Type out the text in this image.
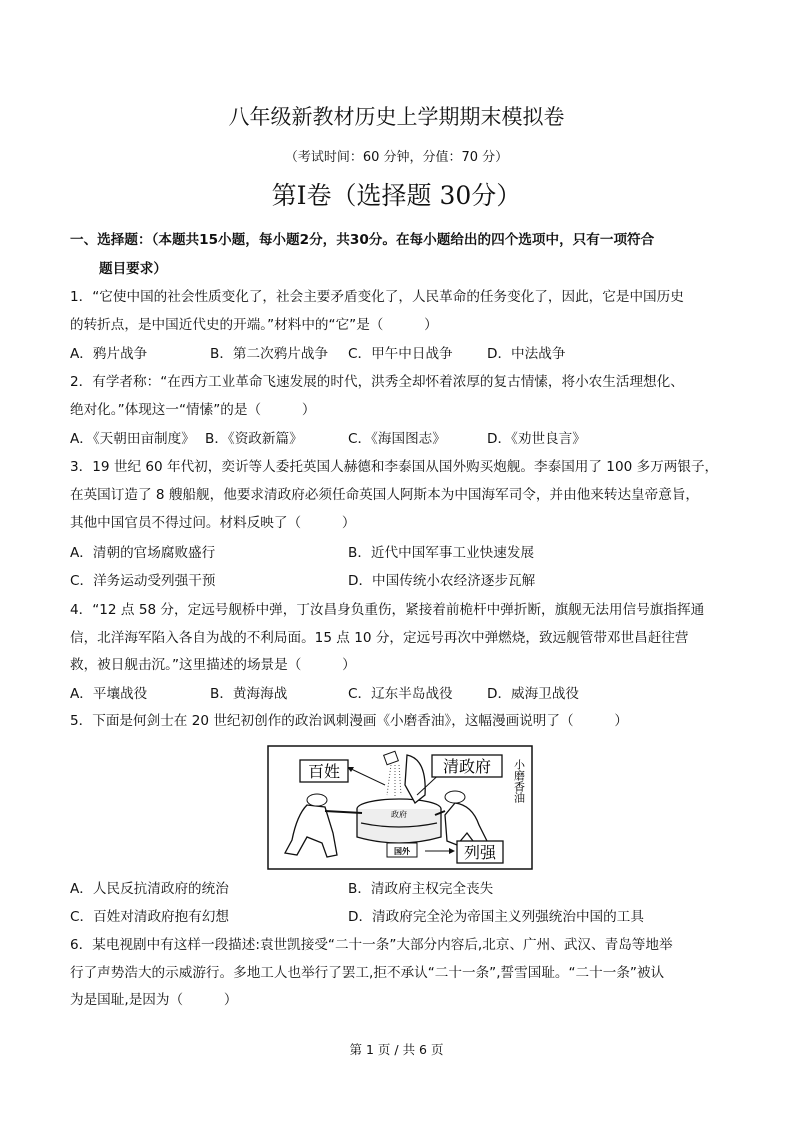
八年级新教材历史上学期期末模拟卷
（考试时间：60 分钟，分值：70 分）
第I卷（选择题 30分）
一、选择题：（本题共15小题，每小题2分，共30分。在每小题给出的四个选项中，只有一项符合
题目要求）
1．“它使中国的社会性质变化了，社会主要矛盾变化了，人民革命的任务变化了，因此，它是中国历史
的转折点，是中国近代史的开端。”材料中的“它”是（　　　）
A．鸦片战争	B．第二次鸦片战争 C．甲午中日战争	D．中法战争
2．有学者称：“在西方工业革命飞速发展的时代，洪秀全却怀着浓厚的复古情愫，将小农生活理想化、
绝对化。”体现这一“情愫”的是（　　　）
A．《天朝田亩制度》 B．《资政新篇》	C．《海国图志》	D．《劝世良言》
3．19 世纪 60 年代初，奕䜣等人委托英国人赫德和李泰国从国外购买炮舰。李泰国用了 100 多万两银子，
在英国订造了 8 艘船舰，他要求清政府必须任命英国人阿斯本为中国海军司令，并由他来转达皇帝意旨，
其他中国官员不得过问。材料反映了（　　　）
A．清朝的官场腐败盛行	B．近代中国军事工业快速发展
C．洋务运动受列强干预	D．中国传统小农经济逐步瓦解
4．“12 点 58 分，定远号舰桥中弹，丁汝昌身负重伤，紧接着前桅杆中弹折断，旗舰无法用信号旗指挥通
信，北洋海军陷入各自为战的不利局面。15 点 10 分，定远号再次中弹燃烧，致远舰管带邓世昌赶往营
救，被日舰击沉。”这里描述的场景是（　　　）
A．平壤战役	B．黄海海战	C．辽东半岛战役	D．威海卫战役
5．下面是何剑士在 20 世纪初创作的政治讽刺漫画《小磨香油》，这幅漫画说明了（　　　）
百姓	清政府
列强
国外
政府
小磨香油
A．人民反抗清政府的统治	B．清政府主权完全丧失
C．百姓对清政府抱有幻想	D．清政府完全沦为帝国主义列强统治中国的工具
6．某电视剧中有这样一段描述:袁世凯接受“二十一条”大部分内容后,北京、广州、武汉、青岛等地举
行了声势浩大的示威游行。多地工人也举行了罢工,拒不承认“二十一条”,誓雪国耻。“二十一条”被认
为是国耻,是因为（　　　）
第 1 页 / 共 6 页
